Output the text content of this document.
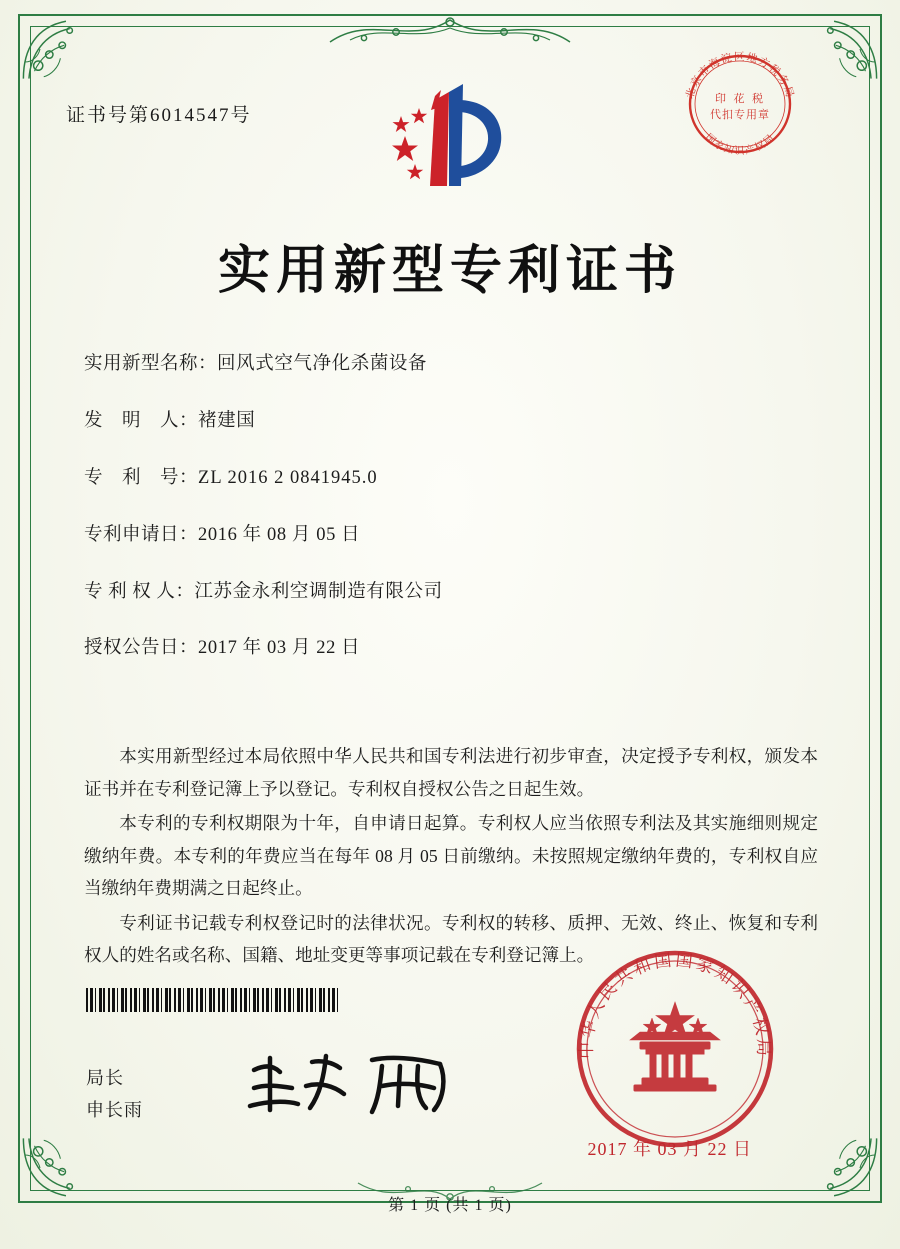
证书号第6014547号
北京市海淀区地方税务局
国家知识产权局
印 花 税
代扣专用章
实用新型专利证书
实用新型名称： 回风式空气净化杀菌设备
发　明　人： 褚建国
专　利　号： ZL 2016 2 0841945.0
专利申请日： 2016 年 08 月 05 日
专 利 权 人： 江苏金永利空调制造有限公司
授权公告日： 2017 年 03 月 22 日

本实用新型经过本局依照中华人民共和国专利法进行初步审查，决定授予专利权，颁发本证书并在专利登记簿上予以登记。专利权自授权公告之日起生效。

本专利的专利权期限为十年，自申请日起算。专利权人应当依照专利法及其实施细则规定缴纳年费。本专利的年费应当在每年 08 月 05 日前缴纳。未按照规定缴纳年费的，专利权自应当缴纳年费期满之日起终止。

专利证书记载专利权登记时的法律状况。专利权的转移、质押、无效、终止、恢复和专利权人的姓名或名称、国籍、地址变更等事项记载在专利登记簿上。

局长
申长雨
中华人民共和国国家知识产权局
2017 年 03 月 22 日
第 1 页 (共 1 页)
